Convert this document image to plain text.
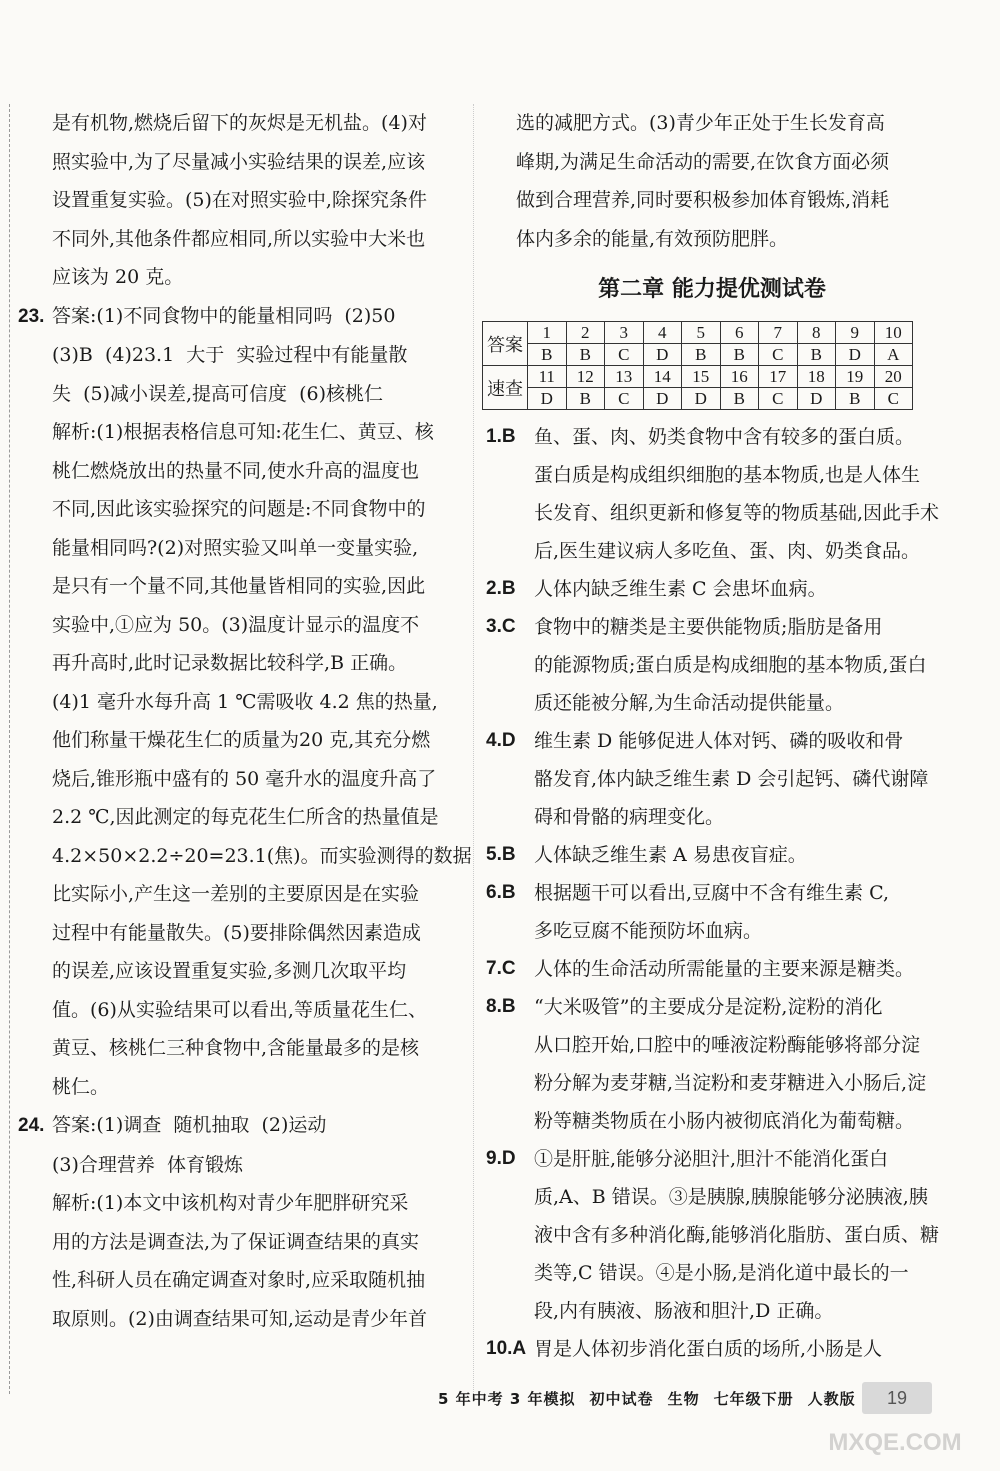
是有机物,燃烧后留下的灰烬是无机盐。(4)对

照实验中,为了尽量减小实验结果的误差,应该

设置重复实验。(5)在对照实验中,除探究条件

不同外,其他条件都应相同,所以实验中大米也

应该为 20 克。

23. 答案:(1)不同食物中的能量相同吗  (2)50

(3)B  (4)23.1  大于  实验过程中有能量散

失  (5)减小误差,提高可信度  (6)核桃仁

解析:(1)根据表格信息可知:花生仁、黄豆、核

桃仁燃烧放出的热量不同,使水升高的温度也

不同,因此该实验探究的问题是:不同食物中的

能量相同吗?(2)对照实验又叫单一变量实验,

是只有一个量不同,其他量皆相同的实验,因此

实验中,①应为 50。(3)温度计显示的温度不

再升高时,此时记录数据比较科学,B 正确。

(4)1 毫升水每升高 1 ℃需吸收 4.2 焦的热量,

他们称量干燥花生仁的质量为20 克,其充分燃

烧后,锥形瓶中盛有的 50 毫升水的温度升高了

2.2 ℃,因此测定的每克花生仁所含的热量值是

4.2×50×2.2÷20=23.1(焦)。而实验测得的数据

比实际小,产生这一差别的主要原因是在实验

过程中有能量散失。(5)要排除偶然因素造成

的误差,应该设置重复实验,多测几次取平均

值。(6)从实验结果可以看出,等质量花生仁、

黄豆、核桃仁三种食物中,含能量最多的是核

桃仁。

24. 答案:(1)调查  随机抽取  (2)运动

(3)合理营养  体育锻炼

解析:(1)本文中该机构对青少年肥胖研究采

用的方法是调查法,为了保证调查结果的真实

性,科研人员在确定调查对象时,应采取随机抽

取原则。(2)由调查结果可知,运动是青少年首

选的减肥方式。(3)青少年正处于生长发育高

峰期,为满足生命活动的需要,在饮食方面必须

做到合理营养,同时要积极参加体育锻炼,消耗

体内多余的能量,有效预防肥胖。

第二章 能力提优测试卷
答案	1	2	3	4	5	6	7	8	9	10
	B	B	C	D	B	B	C	B	D	A
速查	11	12	13	14	15	16	17	18	19	20
	D	B	C	D	D	B	C	D	B	C
1.B 鱼、蛋、肉、奶类食物中含有较多的蛋白质。
蛋白质是构成组织细胞的基本物质,也是人体生
长发育、组织更新和修复等的物质基础,因此手术
后,医生建议病人多吃鱼、蛋、肉、奶类食品。
2.B 人体内缺乏维生素 C 会患坏血病。
3.C 食物中的糖类是主要供能物质;脂肪是备用
的能源物质;蛋白质是构成细胞的基本物质,蛋白
质还能被分解,为生命活动提供能量。
4.D 维生素 D 能够促进人体对钙、磷的吸收和骨
骼发育,体内缺乏维生素 D 会引起钙、磷代谢障
碍和骨骼的病理变化。
5.B 人体缺乏维生素 A 易患夜盲症。
6.B 根据题干可以看出,豆腐中不含有维生素 C,
多吃豆腐不能预防坏血病。
7.C 人体的生命活动所需能量的主要来源是糖类。
8.B “大米吸管”的主要成分是淀粉,淀粉的消化
从口腔开始,口腔中的唾液淀粉酶能够将部分淀
粉分解为麦芽糖,当淀粉和麦芽糖进入小肠后,淀
粉等糖类物质在小肠内被彻底消化为葡萄糖。
9.D ①是肝脏,能够分泌胆汁,胆汁不能消化蛋白
质,A、B 错误。③是胰腺,胰腺能够分泌胰液,胰
液中含有多种消化酶,能够消化脂肪、蛋白质、糖
类等,C 错误。④是小肠,是消化道中最长的一
段,内有胰液、肠液和胆汁,D 正确。
10.A 胃是人体初步消化蛋白质的场所,小肠是人
5 年中考 3 年模拟 初中试卷 生物 七年级下册 人教版	19
MXQE.COM
